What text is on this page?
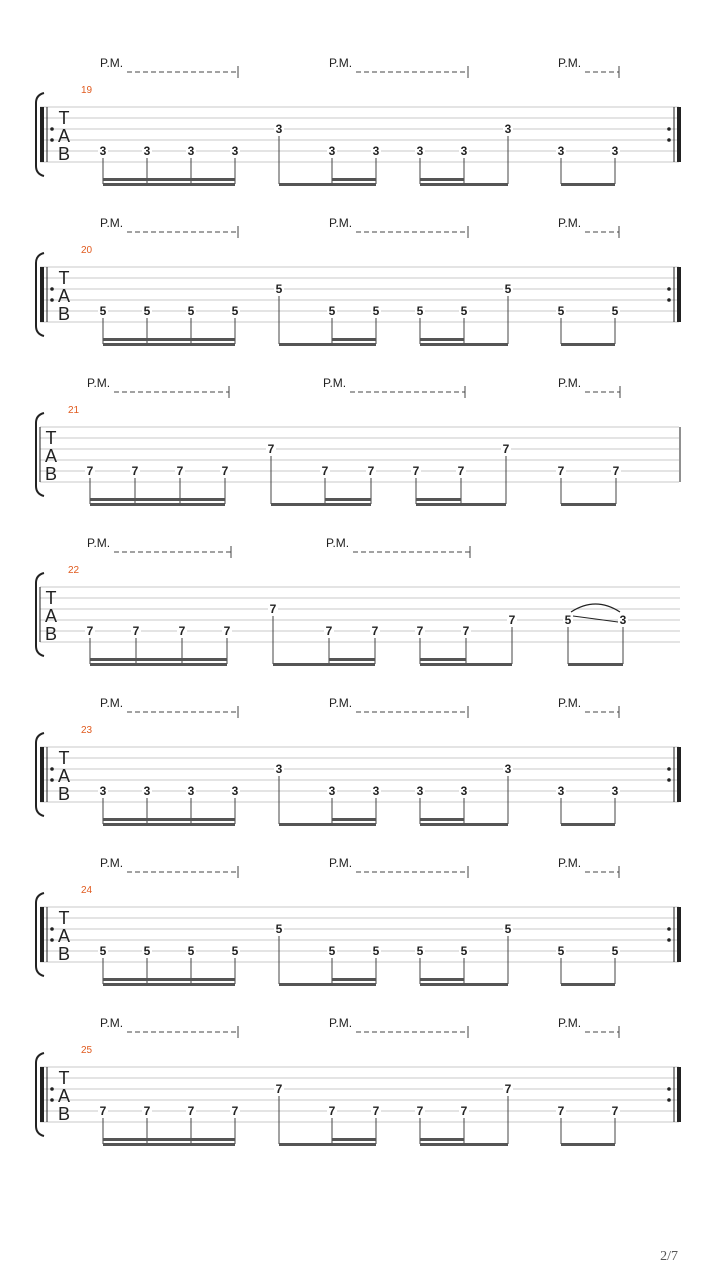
P.M.	P.M.	P.M.
19
T
A
B 3	3	3	3
3
3	3	3	3
3
3	3
P.M.	P.M.	P.M.
20
T
A
B 5	5	5	5
5
5	5	5	5
5
5	5
P.M.	P.M.	P.M.
21
T
A
B 7	7	7	7
7
7	7	7	7
7
7	7
P.M.	P.M.
22
T
A
B 7	7	7	7
7
7	7	7	7
7	5	3
P.M.	P.M.	P.M.
23
T
A
B 3	3	3	3
3
3	3	3	3
3
3	3
P.M.	P.M.	P.M.
24
T
A
B 5	5	5	5
5
5	5	5	5
5
5	5
P.M.	P.M.	P.M.
25
T
A
B 7	7	7	7
7
7	7	7	7
7
7	7
2/7
